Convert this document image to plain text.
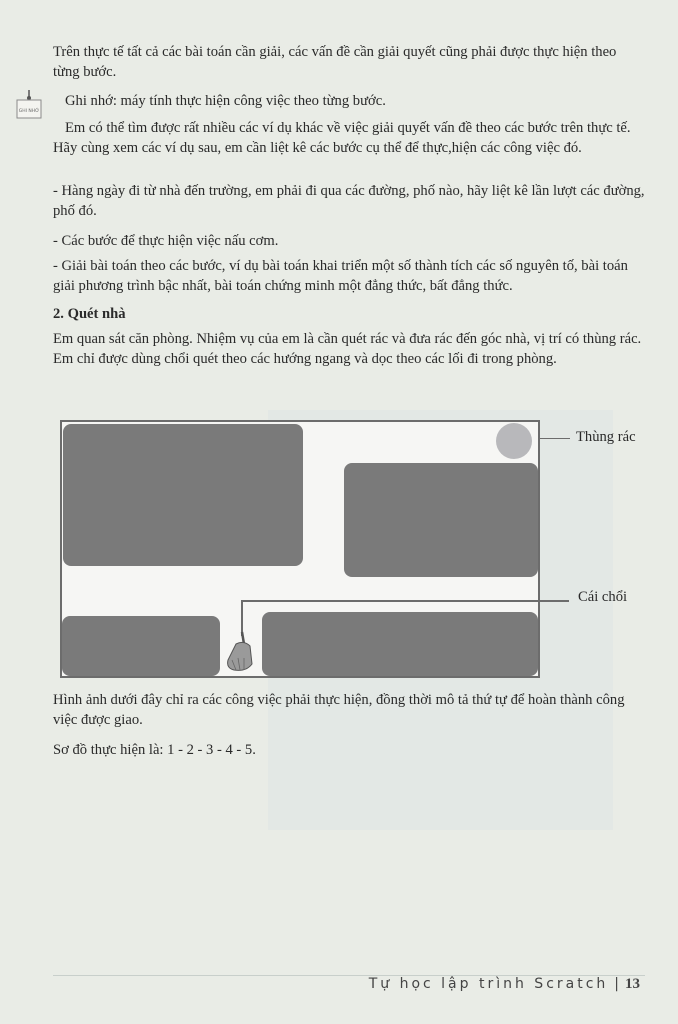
Trên thực tế tất cả các bài toán cần giải, các vấn đề cần giải quyết cũng phải được thực hiện theo từng bước.
GHI NHỚ
Ghi nhớ: máy tính thực hiện công việc theo từng bước.
Em có thể tìm được rất nhiều các ví dụ khác về việc giải quyết vấn đề theo các bước trên thực tế. Hãy cùng xem các ví dụ sau, em cần liệt kê các bước cụ thể để thực,hiện các công việc đó.
- Hàng ngày đi từ nhà đến trường, em phải đi qua các đường, phố nào, hãy liệt kê lần lượt các đường, phố đó.
- Các bước để thực hiện việc nấu cơm.
- Giải bài toán theo các bước, ví dụ bài toán khai triển một số thành tích các số nguyên tố, bài toán giải phương trình bậc nhất, bài toán chứng minh một đẳng thức, bất đẳng thức.
2. Quét nhà
Em quan sát căn phòng. Nhiệm vụ của em là cần quét rác và đưa rác đến góc nhà, vị trí có thùng rác. Em chỉ được dùng chổi quét theo các hướng ngang và dọc theo các lối đi trong phòng.
Thùng rác
Cái chổi
Hình ảnh dưới đây chỉ ra các công việc phải thực hiện, đồng thời mô tả thứ tự để hoàn thành công việc được giao.
Sơ đồ thực hiện là: 1 - 2 - 3 - 4 - 5.
Tự học lập trình Scratch | 13
